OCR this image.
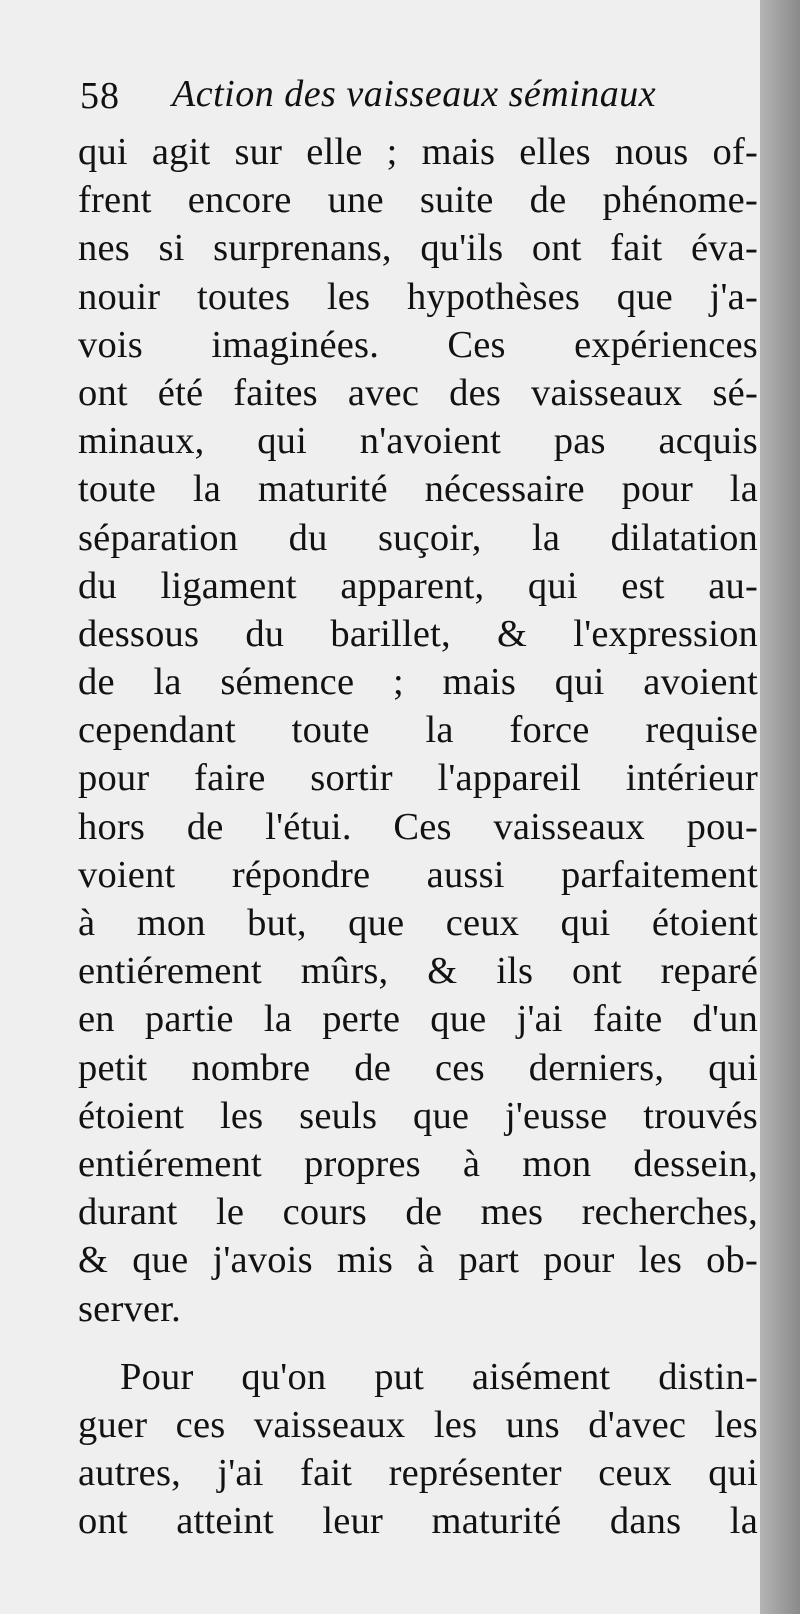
58 Action des vaisseaux séminaux
qui agit sur elle ; mais elles nous of-
frent encore une suite de phénome-
nes si surprenans, qu'ils ont fait éva-
nouir toutes les hypothèses que j'a-
vois imaginées. Ces expériences
ont été faites avec des vaisseaux sé-
minaux, qui n'avoient pas acquis
toute la maturité nécessaire pour la
séparation du suçoir, la dilatation
du ligament apparent, qui est au-
dessous du barillet, & l'expression
de la sémence ; mais qui avoient
cependant toute la force requise
pour faire sortir l'appareil intérieur
hors de l'étui. Ces vaisseaux pou-
voient répondre aussi parfaitement
à mon but, que ceux qui étoient
entiérement mûrs, & ils ont reparé
en partie la perte que j'ai faite d'un
petit nombre de ces derniers, qui
étoient les seuls que j'eusse trouvés
entiérement propres à mon dessein,
durant le cours de mes recherches,
& que j'avois mis à part pour les ob-
server.
Pour qu'on put aisément distin-
guer ces vaisseaux les uns d'avec les
autres, j'ai fait représenter ceux qui
ont atteint leur maturité dans la
